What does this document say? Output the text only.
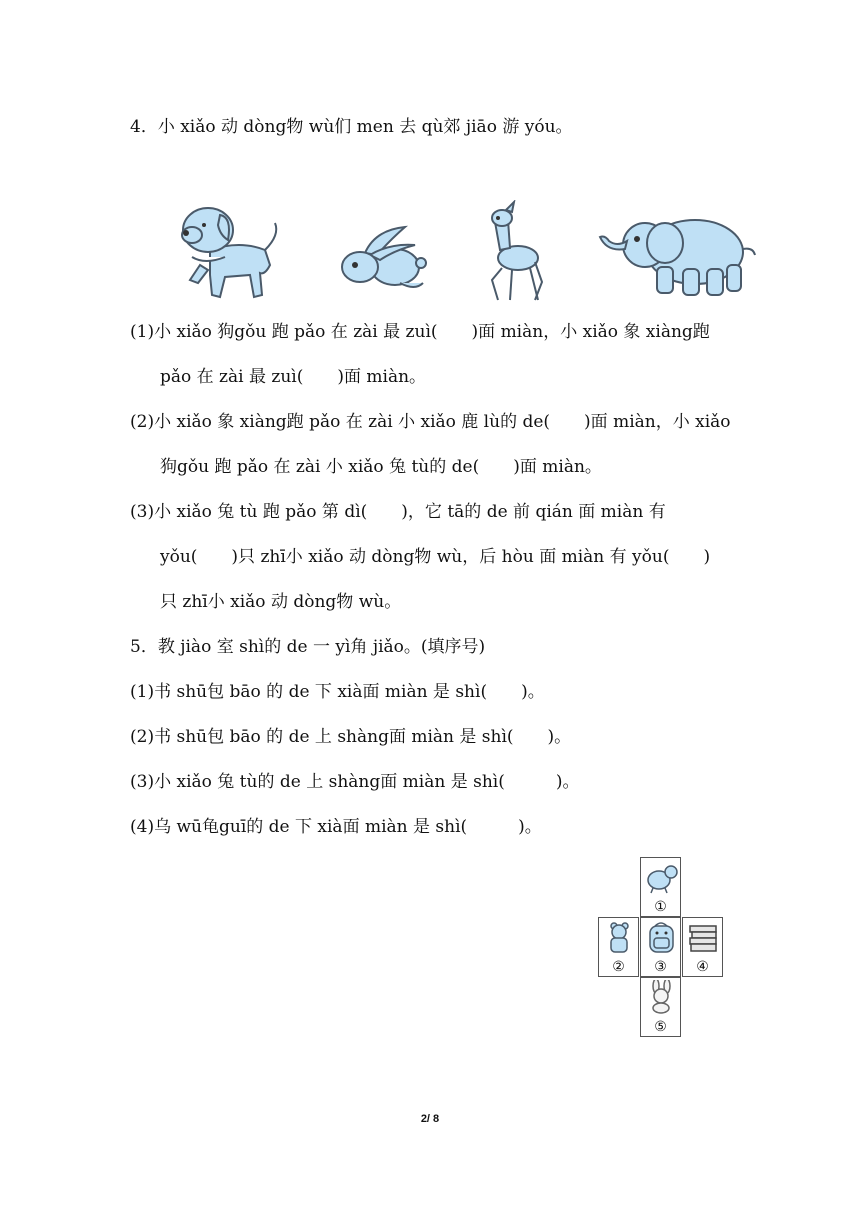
4．小 xiǎo 动 dòng物 wù们 men 去 qù郊 jiāo 游 yóu。
(1)小 xiǎo 狗gǒu 跑 pǎo 在 zài 最 zuì(　　)面 miàn，小 xiǎo 象 xiàng跑
pǎo 在 zài 最 zuì(　　)面 miàn。
(2)小 xiǎo 象 xiàng跑 pǎo 在 zài 小 xiǎo 鹿 lù的 de(　　)面 miàn，小 xiǎo
狗gǒu 跑 pǎo 在 zài 小 xiǎo 兔 tù的 de(　　)面 miàn。
(3)小 xiǎo 兔 tù 跑 pǎo 第 dì(　　)，它 tā的 de 前 qián 面 miàn 有
yǒu(　　)只 zhī小 xiǎo 动 dòng物 wù，后 hòu 面 miàn 有 yǒu(　　)
只 zhī小 xiǎo 动 dòng物 wù。
5．教 jiào 室 shì的 de 一 yì角 jiǎo。(填序号)
(1)书 shū包 bāo 的 de 下 xià面 miàn 是 shì(　　)。
(2)书 shū包 bāo 的 de 上 shàng面 miàn 是 shì(　　)。
(3)小 xiǎo 兔 tù的 de 上 shàng面 miàn 是 shì(　　　)。
(4)乌 wū龟guī的 de 下 xià面 miàn 是 shì(　　　)。
①
②	③	④
⑤
2/ 8
